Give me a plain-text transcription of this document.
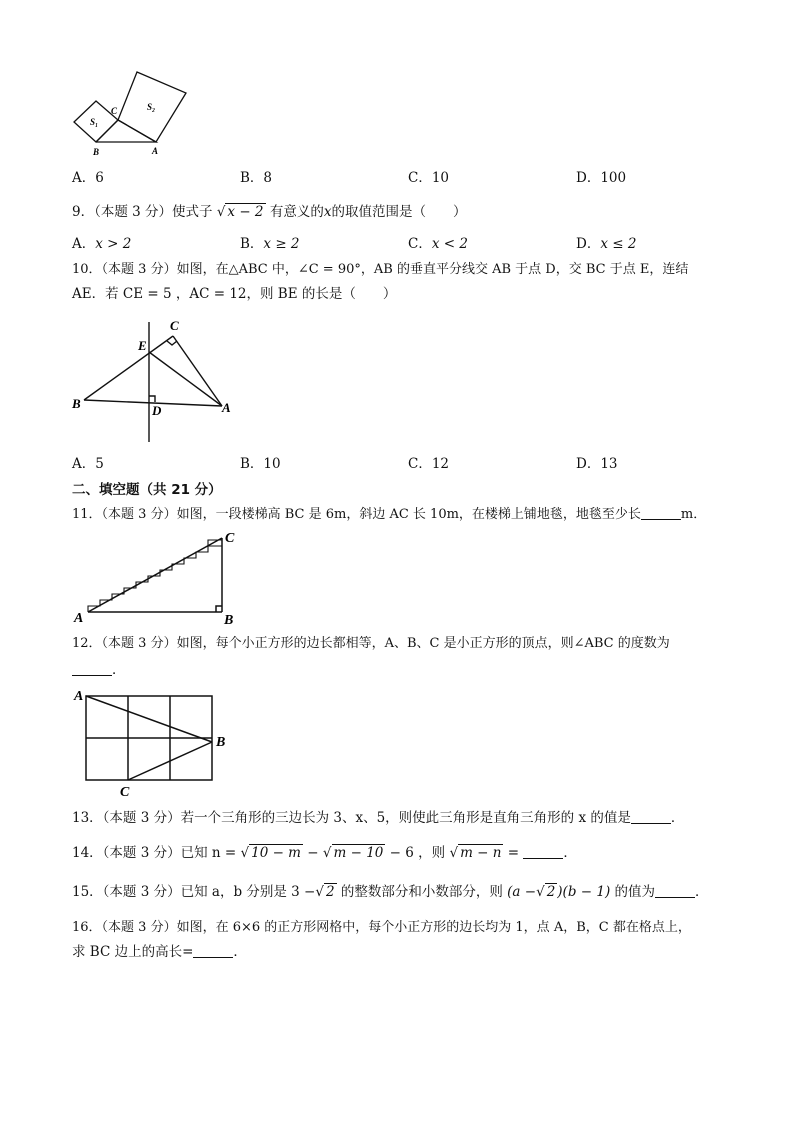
S₁
S₂
C
B	A
A．6	B．8	C．10	D．100
9．（本题 3 分）使式子 √ x − 2 有意义的x的取值范围是（　　）
A．x > 2	B．x ≥ 2	C．x < 2	D．x ≤ 2
10．（本题 3 分）如图，在△ABC 中，∠C = 90°，AB 的垂直平分线交 AB 于点 D，交 BC 于点 E，连结
AE．若 CE = 5 ，AC = 12，则 BE 的长是（　　）
C
E
B	D	A
A．5	B．10	C．12	D．13
二、填空题（共 21 分）
11．（本题 3 分）如图，一段楼梯高 BC 是 6m，斜边 AC 长 10m，在楼梯上铺地毯，地毯至少长	m．
C
A	B
12．（本题 3 分）如图，每个小正方形的边长都相等，A、B、C 是小正方形的顶点，则∠ABC 的度数为
．
A
B
C
13．（本题 3 分）若一个三角形的三边长为 3、x、5，则使此三角形是直角三角形的 x 的值是	．
14．（本题 3 分）已知 n = √ 10 − m − √ m − 10 − 6 ，则 √ m − n =	．
15．（本题 3 分）已知 a，b 分别是 3 −√ 2 的整数部分和小数部分，则 (a −√ 2 )(b − 1) 的值为	．
16．（本题 3 分）如图，在 6×6 的正方形网格中，每个小正方形的边长均为 1，点 A，B，C 都在格点上，
求 BC 边上的高长=	．
